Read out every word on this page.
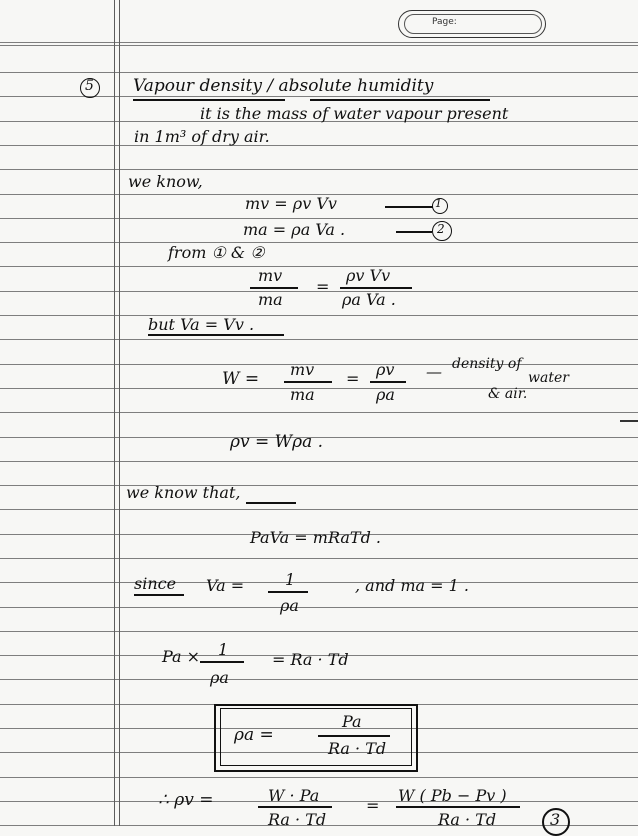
Page:
5 Vapour density / absolute humidity
it is the mass of water vapour present
in 1m³ of dry air.
we know,
mv = ρv Vv	1
ma = ρa Va .	2
from ① & ②
mv
ma
=
ρv Vv
ρa Va .
but Va = Vv .
W = mv
ma
= ρv
ρa
— density of
water
& air.
ρv = Wρa .
we know that,
PaVa = mRaTd .
since Va =	1
ρa
, and ma = 1 .
Pa × 1
ρa
= Ra · Td
ρa =
Pa
Ra · Td
∴ ρv =	W · Pa
Ra · Td
=
W ( Pb − Pv )
Ra · Td	3
